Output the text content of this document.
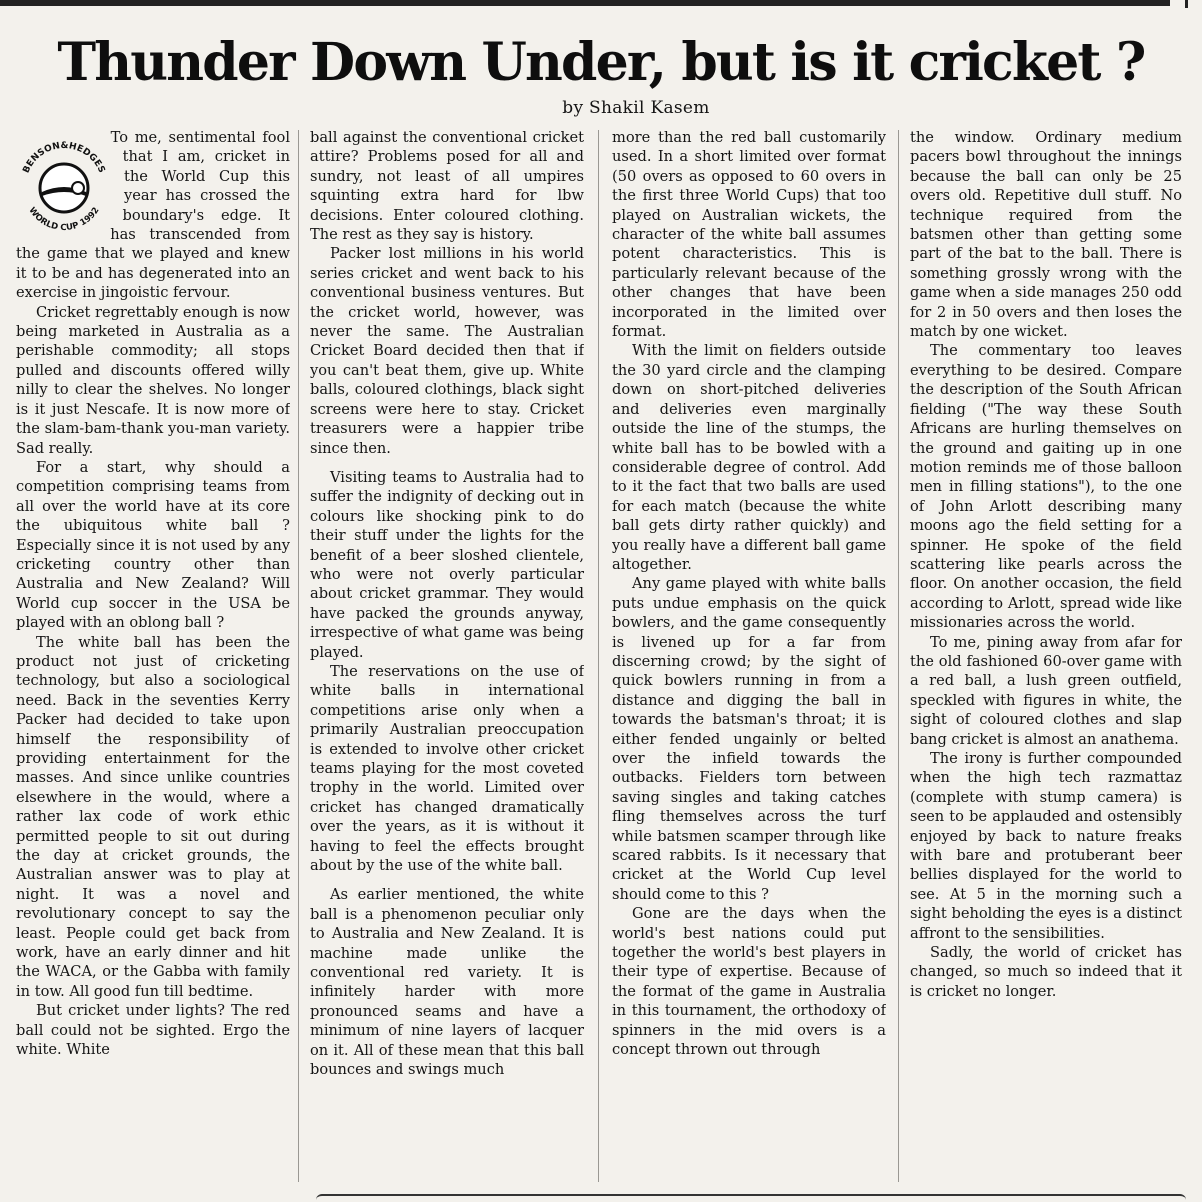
Thunder Down Under, but is it cricket ?
by Shakil Kasem
BENSON&HEDGES
WORLD CUP 1992

To me, sentimental fool that I am, cricket in the World Cup this year has crossed the boundary's edge. It has transcended from the game that we played and knew it to be and has degenerated into an exercise in jingoistic fervour.

Cricket regrettably enough is now being marketed in Australia as a perishable commodity; all stops pulled and discounts offered willy nilly to clear the shelves. No longer is it just Nescafe. It is now more of the slam-bam-thank you-man variety. Sad really.

For a start, why should a competition comprising teams from all over the world have at its core the ubiquitous white ball ? Especially since it is not used by any cricketing country other than Australia and New Zealand? Will World cup soccer in the USA be played with an oblong ball ?

The white ball has been the product not just of cricketing technology, but also a sociological need. Back in the seventies Kerry Packer had decided to take upon himself the responsibility of providing entertainment for the masses. And since unlike countries elsewhere in the would, where a rather lax code of work ethic permitted people to sit out during the day at cricket grounds, the Australian answer was to play at night. It was a novel and revolutionary concept to say the least. People could get back from work, have an early dinner and hit the WACA, or the Gabba with family in tow. All good fun till bedtime.

But cricket under lights? The red ball could not be sighted. Ergo the white. White

ball against the conventional cricket attire? Problems posed for all and sundry, not least of all umpires squinting extra hard for lbw decisions. Enter coloured clothing. The rest as they say is history.

Packer lost millions in his world series cricket and went back to his conventional business ventures. But the cricket world, however, was never the same. The Australian Cricket Board decided then that if you can't beat them, give up. White balls, coloured clothings, black sight screens were here to stay. Cricket treasurers were a happier tribe since then.

Visiting teams to Australia had to suffer the indignity of decking out in colours like shocking pink to do their stuff under the lights for the benefit of a beer sloshed clientele, who were not overly particular about cricket grammar. They would have packed the grounds anyway, irrespective of what game was being played.

The reservations on the use of white balls in international competitions arise only when a primarily Australian preoccupation is extended to involve other cricket teams playing for the most coveted trophy in the world. Limited over cricket has changed dramatically over the years, as it is without it having to feel the effects brought about by the use of the white ball.

As earlier mentioned, the white ball is a phenomenon peculiar only to Australia and New Zealand. It is machine made unlike the conventional red variety. It is infinitely harder with more pronounced seams and have a minimum of nine layers of lacquer on it. All of these mean that this ball bounces and swings much

more than the red ball customarily used. In a short limited over format (50 overs as opposed to 60 overs in the first three World Cups) that too played on Australian wickets, the character of the white ball assumes potent characteristics. This is particularly relevant because of the other changes that have been incorporated in the limited over format.

With the limit on fielders outside the 30 yard circle and the clamping down on short-pitched deliveries and deliveries even marginally outside the line of the stumps, the white ball has to be bowled with a considerable degree of control. Add to it the fact that two balls are used for each match (because the white ball gets dirty rather quickly) and you really have a different ball game altogether.

Any game played with white balls puts undue emphasis on the quick bowlers, and the game consequently is livened up for a far from discerning crowd; by the sight of quick bowlers running in from a distance and digging the ball in towards the batsman's throat; it is either fended ungainly or belted over the infield towards the outbacks. Fielders torn between saving singles and taking catches fling themselves across the turf while batsmen scamper through like scared rabbits. Is it necessary that cricket at the World Cup level should come to this ?

Gone are the days when the world's best nations could put together the world's best players in their type of expertise. Because of the format of the game in Australia in this tournament, the orthodoxy of spinners in the mid overs is a concept thrown out through

the window. Ordinary medium pacers bowl throughout the innings because the ball can only be 25 overs old. Repetitive dull stuff. No technique required from the batsmen other than getting some part of the bat to the ball. There is something grossly wrong with the game when a side manages 250 odd for 2 in 50 overs and then loses the match by one wicket.

The commentary too leaves everything to be desired. Compare the description of the South African fielding ("The way these South Africans are hurling themselves on the ground and gaiting up in one motion reminds me of those balloon men in filling stations"), to the one of John Arlott describing many moons ago the field setting for a spinner. He spoke of the field scattering like pearls across the floor. On another occasion, the field according to Arlott, spread wide like missionaries across the world.

To me, pining away from afar for the old fashioned 60-over game with a red ball, a lush green outfield, speckled with figures in white, the sight of coloured clothes and slap bang cricket is almost an anathema.

The irony is further compounded when the high tech razmattaz (complete with stump camera) is seen to be applauded and ostensibly enjoyed by back to nature freaks with bare and protuberant beer bellies displayed for the world to see. At 5 in the morning such a sight beholding the eyes is a distinct affront to the sensibilities.

Sadly, the world of cricket has changed, so much so indeed that it is cricket no longer.
